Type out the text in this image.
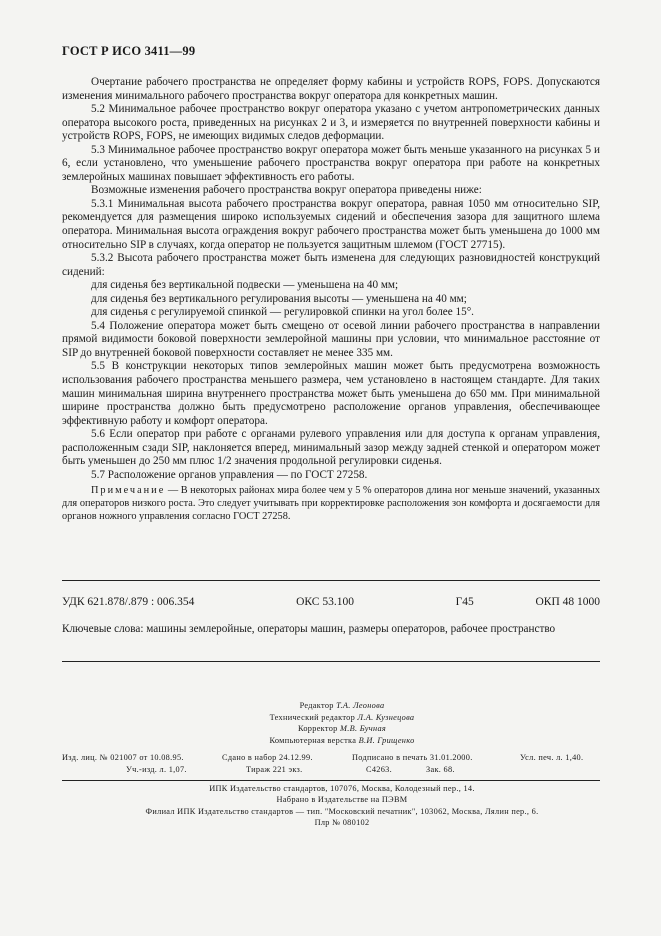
ГОСТ Р ИСО 3411—99

Очертание рабочего пространства не определяет форму кабины и устройств ROPS, FOPS. Допускаются изменения минимального рабочего пространства вокруг оператора для конкретных машин.

5.2 Минимальное рабочее пространство вокруг оператора указано с учетом антропометрических данных оператора высокого роста, приведенных на рисунках 2 и 3, и измеряется по внутренней поверхности кабины и устройств ROPS, FOPS, не имеющих видимых следов деформации.

5.3 Минимальное рабочее пространство вокруг оператора может быть меньше указанного на рисунках 5 и 6, если установлено, что уменьшение рабочего пространства вокруг оператора при работе на конкретных землеройных машинах повышает эффективность его работы.

Возможные изменения рабочего пространства вокруг оператора приведены ниже:

5.3.1 Минимальная высота рабочего пространства вокруг оператора, равная 1050 мм относительно SIP, рекомендуется для размещения широко используемых сидений и обеспечения зазора для защитного шлема оператора. Минимальная высота ограждения вокруг рабочего пространства может быть уменьшена до 1000 мм относительно SIP в случаях, когда оператор не пользуется защитным шлемом (ГОСТ 27715).

5.3.2 Высота рабочего пространства может быть изменена для следующих разновидностей конструкций сидений:

для сиденья без вертикальной подвески — уменьшена на 40 мм;

для сиденья без вертикального регулирования высоты — уменьшена на 40 мм;

для сиденья с регулируемой спинкой — регулировкой спинки на угол более 15°.

5.4 Положение оператора может быть смещено от осевой линии рабочего пространства в направлении прямой видимости боковой поверхности землеройной машины при условии, что минимальное расстояние от SIP до внутренней боковой поверхности составляет не менее 335 мм.

5.5 В конструкции некоторых типов землеройных машин может быть предусмотрена возможность использования рабочего пространства меньшего размера, чем установлено в настоящем стандарте. Для таких машин минимальная ширина внутреннего пространства может быть уменьшена до 650 мм. При минимальной ширине пространства должно быть предусмотрено расположение органов управления, обеспечивающее эффективную работу и комфорт оператора.

5.6 Если оператор при работе с органами рулевого управления или для доступа к органам управления, расположенным сзади SIP, наклоняется вперед, минимальный зазор между задней стенкой и оператором может быть уменьшен до 250 мм плюс 1/2 значения продольной регулировки сиденья.

5.7 Расположение органов управления — по ГОСТ 27258.

Примечание — В некоторых районах мира более чем у 5 % операторов длина ног меньше значений, указанных для операторов низкого роста. Это следует учитывать при корректировке расположения зон комфорта и досягаемости для органов ножного управления согласно ГОСТ 27258.

УДК 621.878/.879 : 006.354	ОКС 53.100	Г45	ОКП 48 1000
Ключевые слова: машины землеройные, операторы машин, размеры операторов, рабочее пространство
Редактор Т.А. Леонова
Технический редактор Л.А. Кузнецова
Корректор М.В. Бучная
Компьютерная верстка В.И. Грищенко
Изд. лиц. № 021007 от 10.08.95.	Сдано в набор 24.12.99.	Подписано в печать 31.01.2000.	Усл. печ. л. 1,40.
Уч.-изд. л. 1,07.	Тираж 221 экз.	С4263.	Зак. 68.
ИПК Издательство стандартов, 107076, Москва, Колодезный пер., 14.
Набрано в Издательстве на ПЭВМ
Филиал ИПК Издательство стандартов — тип. "Московский печатник", 103062, Москва, Лялин пер., 6.
Плр № 080102
